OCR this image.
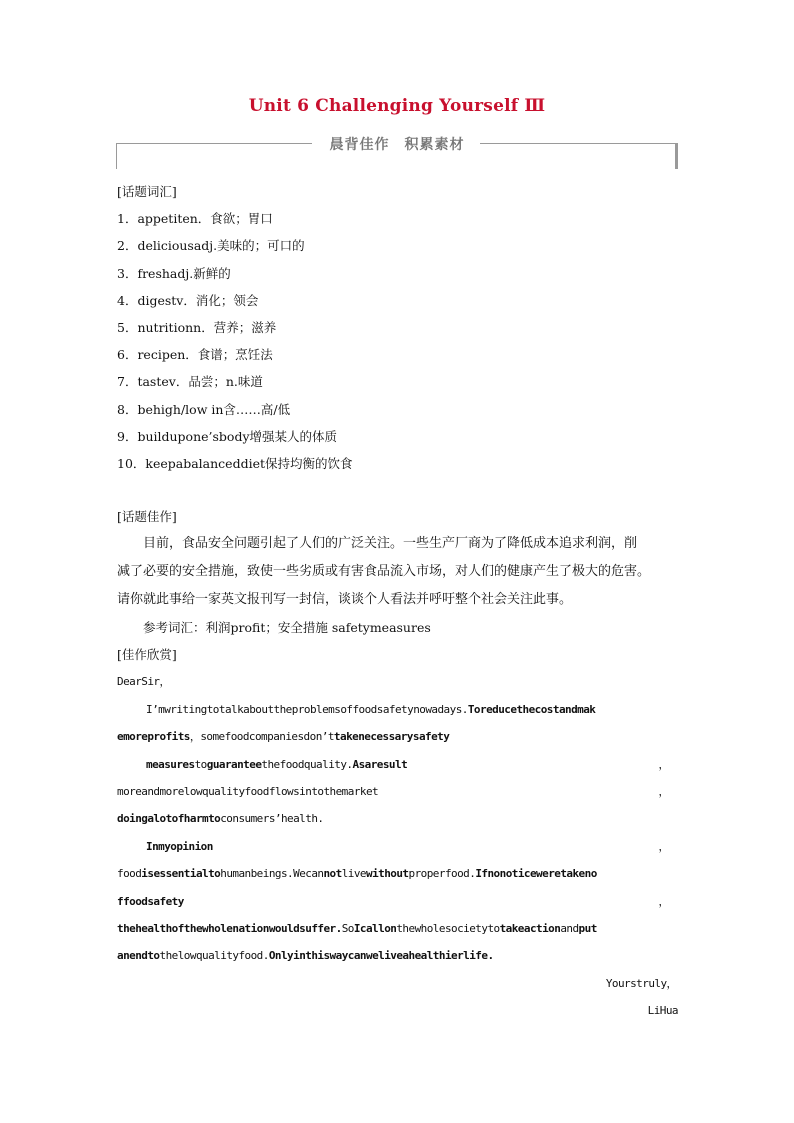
Unit 6 Challenging Yourself Ⅲ
晨背佳作　积累素材
[话题词汇]
1．appetiten．食欲；胃口
2．deliciousadj.美味的；可口的
3．freshadj.新鲜的
4．digestv．消化；领会
5．nutritionn．营养；滋养
6．recipen．食谱；烹饪法
7．tastev．品尝；n.味道
8．behigh/low in含……高/低
9．buildupone’sbody增强某人的体质
10．keepabalanceddiet保持均衡的饮食
[话题佳作]
目前，食品安全问题引起了人们的广泛关注。一些生产厂商为了降低成本追求利润，削
减了必要的安全措施，致使一些劣质或有害食品流入市场，对人们的健康产生了极大的危害。
请你就此事给一家英文报刊写一封信，谈谈个人看法并呼吁整个社会关注此事。
参考词汇：利润profit；安全措施 safetymeasures
[佳作欣赏]
DearSir，
I’mwritingtotalkabouttheproblemsoffoodsafetynowadays.Toreducethecostandmak
emoreprofits，somefoodcompaniesdon’ttakenecessarysafety
measurestoguaranteethefoodquality.Asaresult	，
moreandmorelowqualityfoodflowsintothemarket	，
doingalotofharmtoconsumers’health.
Inmyopinion	，
foodisessentialtohumanbeings.Wecannotlivewithoutproperfood.Ifnonoticeweretakeno
ffoodsafety	，
thehealthofthewholenationwouldsuffer.SoIcallonthewholesocietytotakeactionandput
anendtothelowqualityfood.Onlyinthiswaycanweliveahealthierlife.
Yourstruly，
LiHua
